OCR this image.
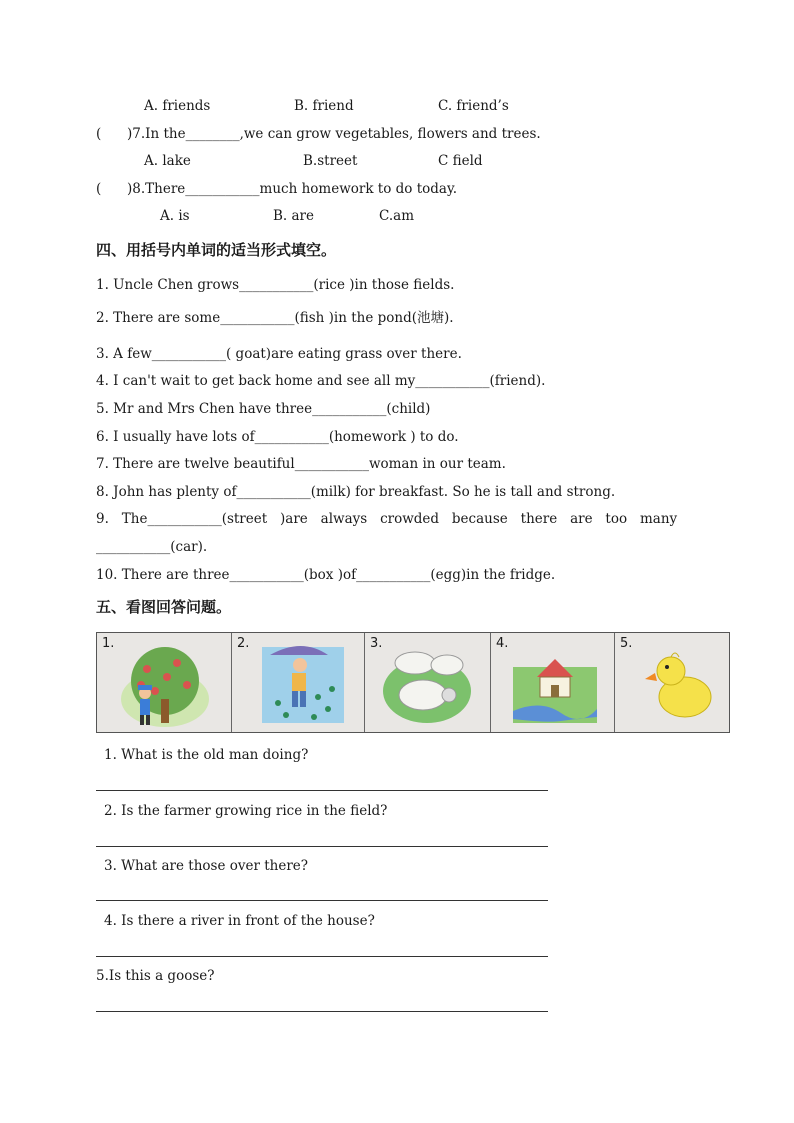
A. friends	B. friend	C. friend’s
(      )7.In the________,we can grow vegetables, flowers and trees.
A. lake	B.street	C field
(      )8.There___________much homework to do today.
A. is	B. are	C.am
四、用括号内单词的适当形式填空。
1. Uncle Chen grows___________(rice )in those fields.
2. There are some___________(fish )in the pond(池塘).
3. A few___________( goat)are eating grass over there.
4. I can't wait to get back home and see all my___________(friend).
5. Mr and Mrs Chen have three___________(child)
6. I usually have lots of___________(homework ) to do.
7. There are twelve beautiful___________woman in our team.
8. John has plenty of___________(milk) for breakfast. So he is tall and strong.
9.   The___________(street   )are   always   crowded   because   there   are   too   many
___________(car).
10. There are three___________(box )of___________(egg)in the fridge.
五、看图回答问题。
1.	2.	3.	4.	5.
1. What is the old man doing?
2. Is the farmer growing rice in the field?
3. What are those over there?
4. Is there a river in front of the house?
5.Is this a goose?
